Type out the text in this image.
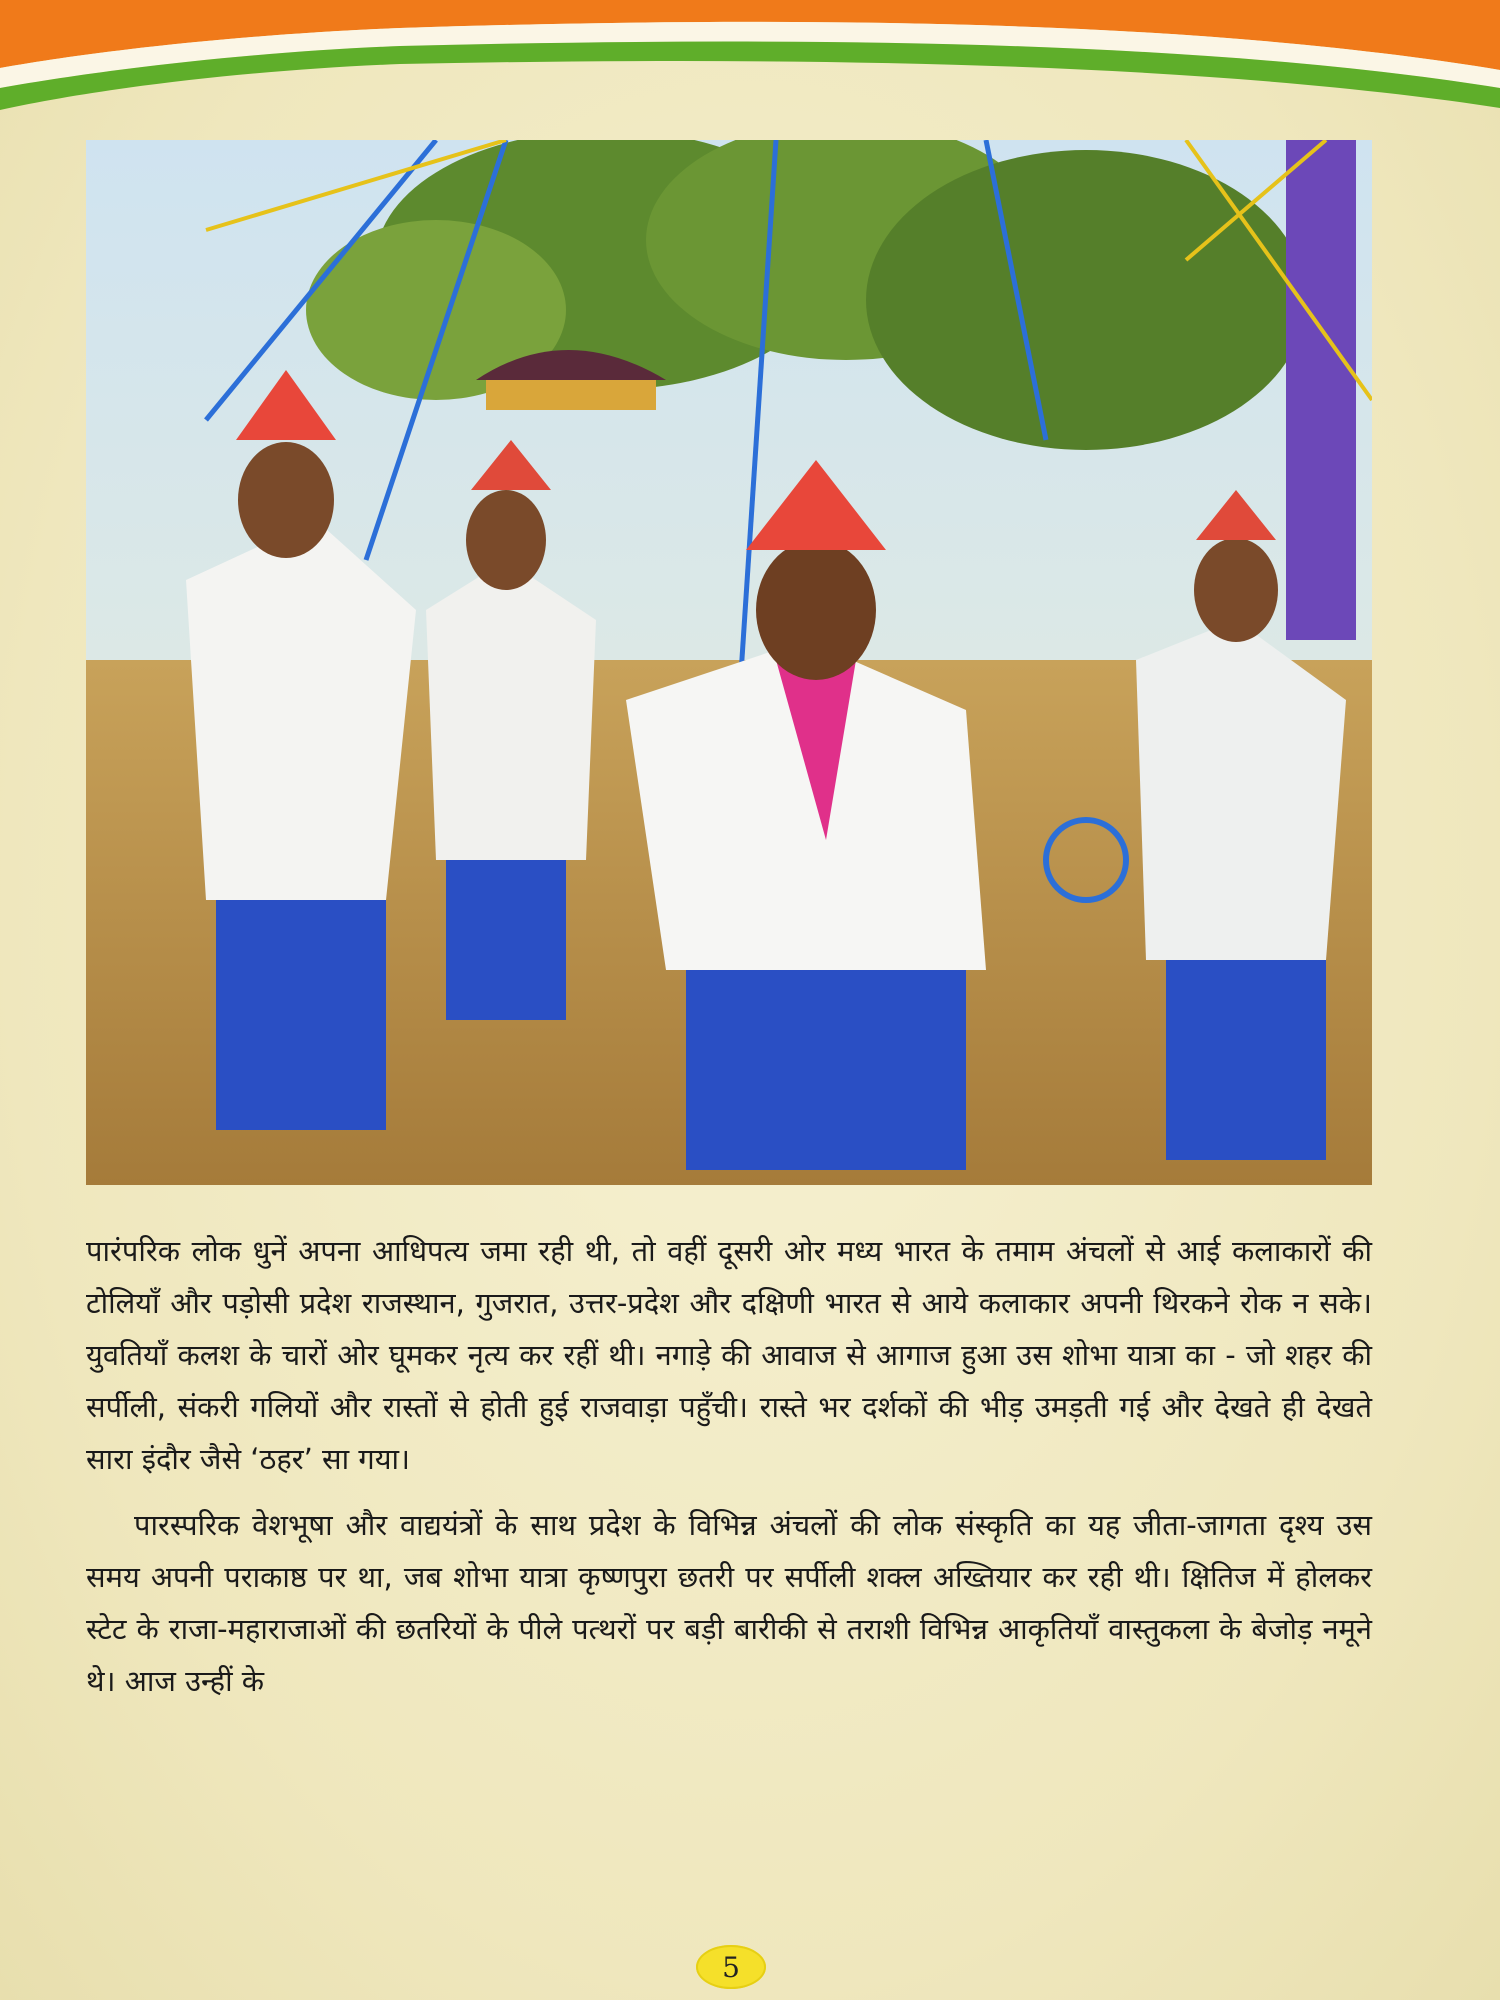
पारंपरिक लोक धुनें अपना आधिपत्य जमा रही थी, तो वहीं दूसरी ओर मध्य भारत के तमाम अंचलों से आई कलाकारों की टोलियाँ और पड़ोसी प्रदेश राजस्थान, गुजरात, उत्तर-प्रदेश और दक्षिणी भारत से आये कलाकार अपनी थिरकने रोक न सके। युवतियाँ कलश के चारों ओर घूमकर नृत्य कर रहीं थी। नगाड़े की आवाज से आगाज हुआ उस शोभा यात्रा का - जो शहर की सर्पीली, संकरी गलियों और रास्तों से होती हुई राजवाड़ा पहुँची। रास्ते भर दर्शकों की भीड़ उमड़ती गई और देखते ही देखते सारा इंदौर जैसे ‘ठहर’ सा गया।

पारस्परिक वेशभूषा और वाद्ययंत्रों के साथ प्रदेश के विभिन्न अंचलों की लोक संस्कृति का यह जीता-जागता दृश्य उस समय अपनी पराकाष्ठ पर था, जब शोभा यात्रा कृष्णपुरा छतरी पर सर्पीली शक्ल अख्तियार कर रही थी। क्षितिज में होलकर स्टेट के राजा-महाराजाओं की छतरियों के पीले पत्थरों पर बड़ी बारीकी से तराशी विभिन्न आकृतियाँ वास्तुकला के बेजोड़ नमूने थे। आज उन्हीं के

5
